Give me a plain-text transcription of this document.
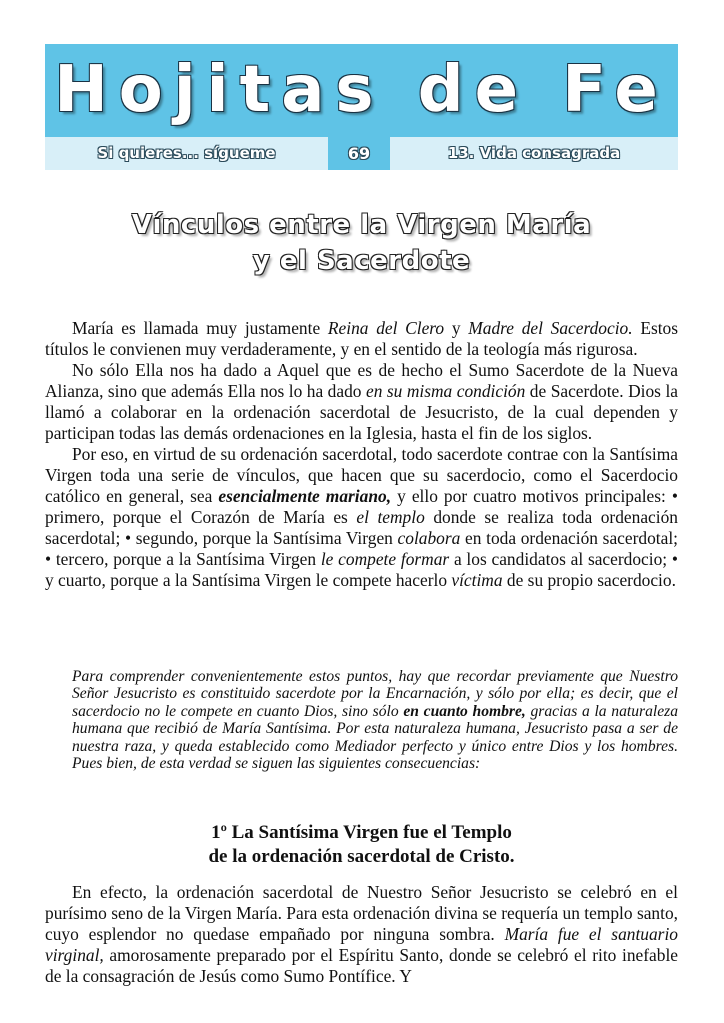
Hojitas de Fe
Si quieres... sígueme	69	13. Vida consagrada
Vínculos entre la Virgen María
y el Sacerdote

María es llamada muy justamente Reina del Clero y Madre del Sacerdocio. Estos títulos le convienen muy verdaderamente, y en el sentido de la teología más rigurosa.

No sólo Ella nos ha dado a Aquel que es de hecho el Sumo Sacerdote de la Nueva Alianza, sino que además Ella nos lo ha dado en su misma condición de Sacerdote. Dios la llamó a colaborar en la ordenación sacerdotal de Jesucristo, de la cual dependen y participan todas las demás ordenaciones en la Iglesia, hasta el fin de los siglos.

Por eso, en virtud de su ordenación sacerdotal, todo sacerdote contrae con la Santísima Virgen toda una serie de vínculos, que hacen que su sacerdocio, como el Sacerdocio católico en general, sea esencialmente mariano, y ello por cuatro motivos principales: • primero, porque el Corazón de María es el templo donde se realiza toda ordenación sacerdotal; • segundo, porque la Santísima Virgen colabora en toda ordenación sacerdotal; • tercero, porque a la Santísima Virgen le compete formar a los candidatos al sacerdocio; • y cuarto, porque a la Santísima Virgen le compete hacerlo víctima de su propio sacerdocio.

Para comprender convenientemente estos puntos, hay que recordar previamente que Nuestro Señor Jesucristo es constituido sacerdote por la Encarnación, y sólo por ella; es decir, que el sacerdocio no le compete en cuanto Dios, sino sólo en cuanto hombre, gracias a la naturaleza humana que recibió de María Santísima. Por esta naturaleza humana, Jesucristo pasa a ser de nuestra raza, y queda establecido como Mediador perfecto y único entre Dios y los hombres. Pues bien, de esta verdad se siguen las siguientes consecuencias:

1º La Santísima Virgen fue el Templo
de la ordenación sacerdotal de Cristo.

En efecto, la ordenación sacerdotal de Nuestro Señor Jesucristo se celebró en el purísimo seno de la Virgen María. Para esta ordenación divina se requería un templo santo, cuyo esplendor no quedase empañado por ninguna sombra. María fue el santuario virginal, amorosamente preparado por el Espíritu Santo, donde se celebró el rito inefable de la consagración de Jesús como Sumo Pontífice. Y
